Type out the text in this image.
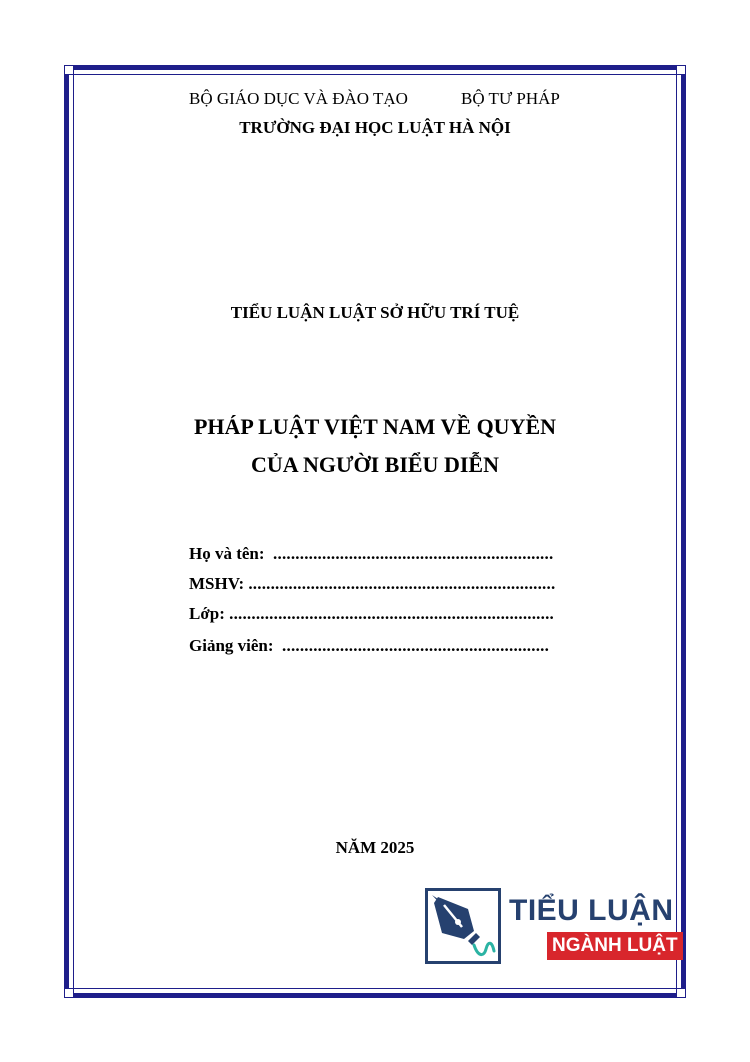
BỘ GIÁO DỤC VÀ ĐÀO TẠO	BỘ TƯ PHÁP
TRƯỜNG ĐẠI HỌC LUẬT HÀ NỘI
TIỂU LUẬN LUẬT SỞ HỮU TRÍ TUỆ
PHÁP LUẬT VIỆT NAM VỀ QUYỀN
CỦA NGƯỜI BIỂU DIỄN
Họ và tên: ...............................................................
MSHV: .....................................................................
Lớp: .........................................................................
Giảng viên: ............................................................
NĂM 2025
TIỂU LUẬN
NGÀNH LUẬT
